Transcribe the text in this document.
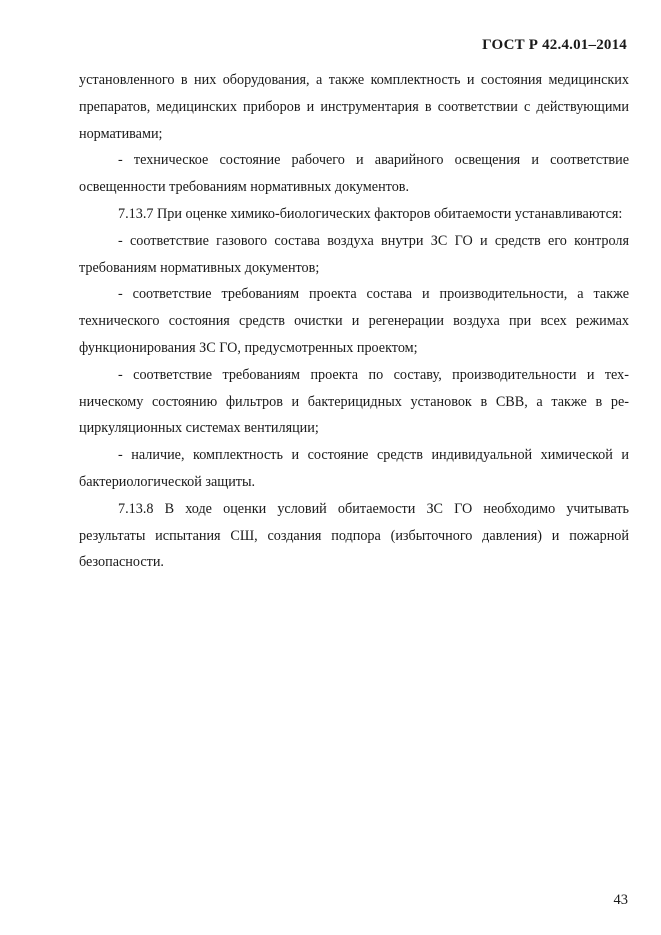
ГОСТ Р 42.4.01–2014

установленного в них оборудования, а также комплектность и состояния медицинских препаратов, медицинских приборов и инструментария в соответствии с действующими нормативами;

- техническое состояние рабочего и аварийного освещения и соответствие освещенности требованиям нормативных документов.

7.13.7 При оценке химико-биологических факторов обитаемости устанавливаются:

- соответствие газового состава воздуха внутри ЗС ГО и средств его контроля требованиям нормативных документов;

- соответствие требованиям проекта состава и производительности, а также технического состояния средств очистки и регенерации воздуха при всех режимах функционирования ЗС ГО, предусмотренных проектом;

- соответствие требованиям проекта по составу, производительности и техническому состоянию фильтров и бактерицидных установок в СВВ, а также в рециркуляционных системах вентиляции;

- наличие, комплектность и состояние средств индивидуальной химической и бактериологической защиты.

7.13.8 В ходе оценки условий обитаемости ЗС ГО необходимо учитывать результаты испытания СШ, создания подпора (избыточного давления) и пожарной безопасности.

43
